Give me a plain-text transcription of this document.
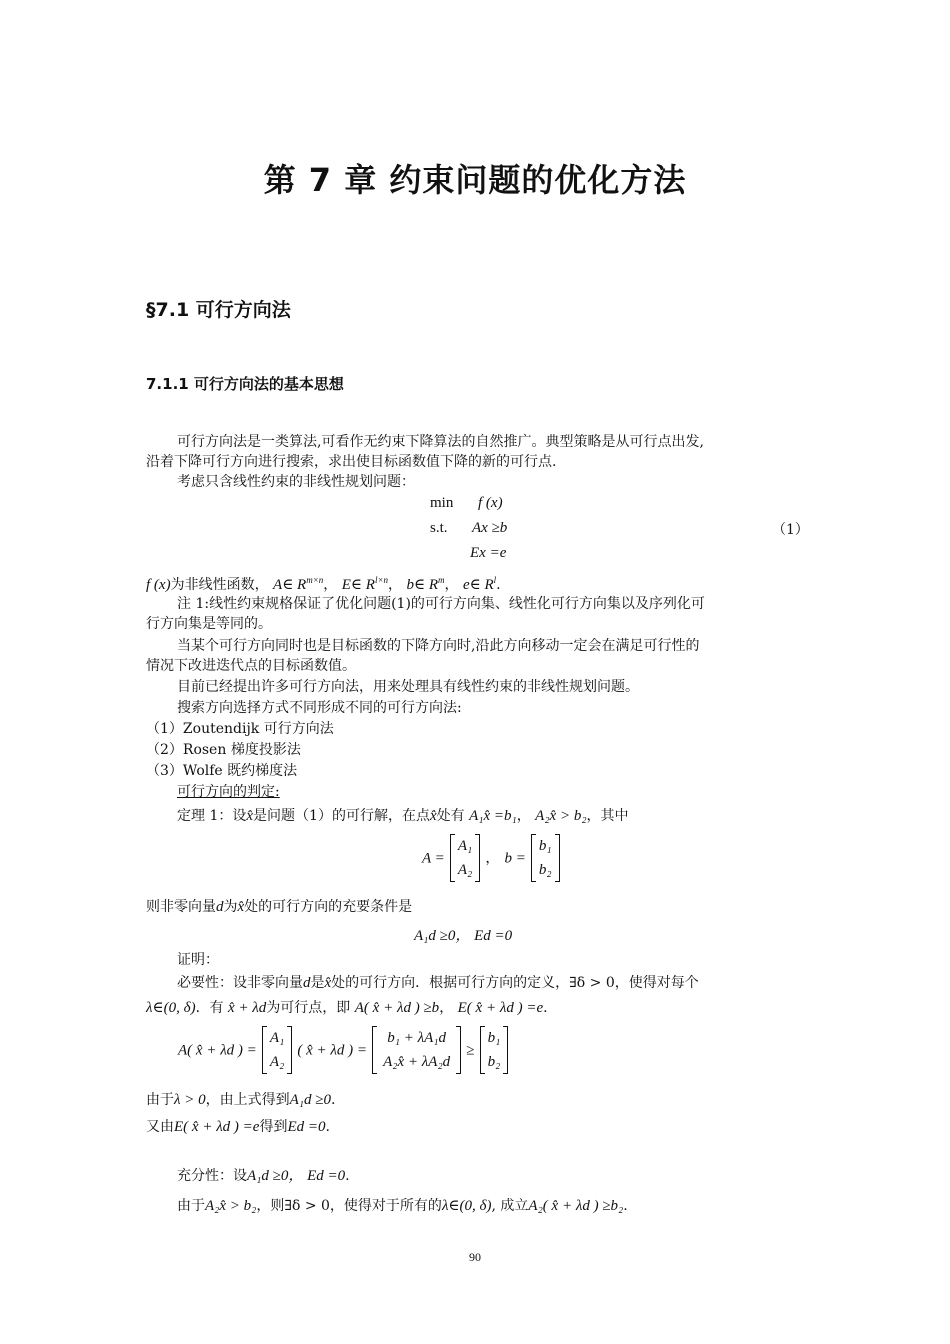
第 7 章 约束问题的优化方法
§7.1 可行方向法
7.1.1 可行方向法的基本思想
可行方向法是一类算法,可看作无约束下降算法的自然推广。典型策略是从可行点出发,
沿着下降可行方向进行搜索，求出使目标函数值下降的新的可行点.
考虑只含线性约束的非线性规划问题：
min f (x)
s.t. Ax ≥b	（1）
Ex =e
f (x)为非线性函数， A∈ $R^{m\times n}$， E∈ $R^{l\times n}$， b∈ $R^m$， e∈ $R^l$.
注 1:线性约束规格保证了优化问题(1)的可行方向集、线性化可行方向集以及序列化可
行方向集是等同的。
当某个可行方向同时也是目标函数的下降方向时,沿此方向移动一定会在满足可行性的
情况下改进迭代点的目标函数值。
目前已经提出许多可行方向法，用来处理具有线性约束的非线性规划问题。
搜索方向选择方式不同形成不同的可行方向法:
（1）Zoutendijk 可行方向法
（2）Rosen 梯度投影法
（3）Wolfe 既约梯度法
可行方向的判定:
定理 1：设x̂是问题（1）的可行解，在点x̂处有 A₁x̂ =b₁， A₂x̂ > b₂，其中
A =
A₁
A₂
， b =
b₁
b₂
则非零向量d为x̂处的可行方向的充要条件是
A₁d ≥0， Ed =0
证明：
必要性：设非零向量d是x̂处的可行方向．根据可行方向的定义，∃δ > 0，使得对每个
λ∈(0, δ)．有 x̂ + λd为可行点，即 A( x̂ + λd ) ≥b， E( x̂ + λd ) =e.
A( x̂ + λd ) =
A₁
A₂
( x̂ + λd ) =
b₁ + λA₁d
A₂x̂ + λA₂d
≥
b₁
b₂
由于λ > 0，由上式得到A₁d ≥0.
又由E( x̂ + λd ) =e得到Ed =0.
充分性：设A₁d ≥0， Ed =0.
由于A₂x̂ > b₂，则∃δ > 0，使得对于所有的λ∈(0, δ), 成立A₂( x̂ + λd ) ≥b₂.
90
